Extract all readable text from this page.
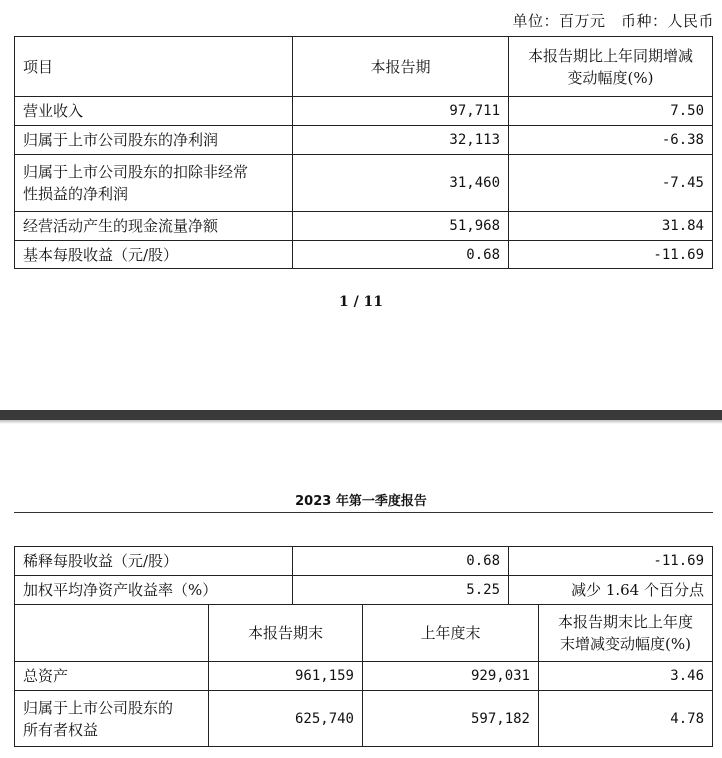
单位：百万元　币种：人民币
项目	本报告期	本报告期比上年同期增减
变动幅度(%)

营业收入	97,711	7.50
归属于上市公司股东的净利润	32,113	-6.38

归属于上市公司股东的扣除非经常
性损益的净利润	31,460	-7.45
经营活动产生的现金流量净额	51,968	31.84
基本每股收益（元/股）	0.68	-11.69
1 / 11
2023 年第一季度报告
稀释每股收益（元/股）	0.68	-11.69
加权平均净资产收益率（%）	5.25	减少 1.64 个百分点
	本报告期末	上年度末	本报告期末比上年度
末增减变动幅度(%)

总资产	961,159	929,031	3.46

归属于上市公司股东的
所有者权益	625,740	597,182	4.78
